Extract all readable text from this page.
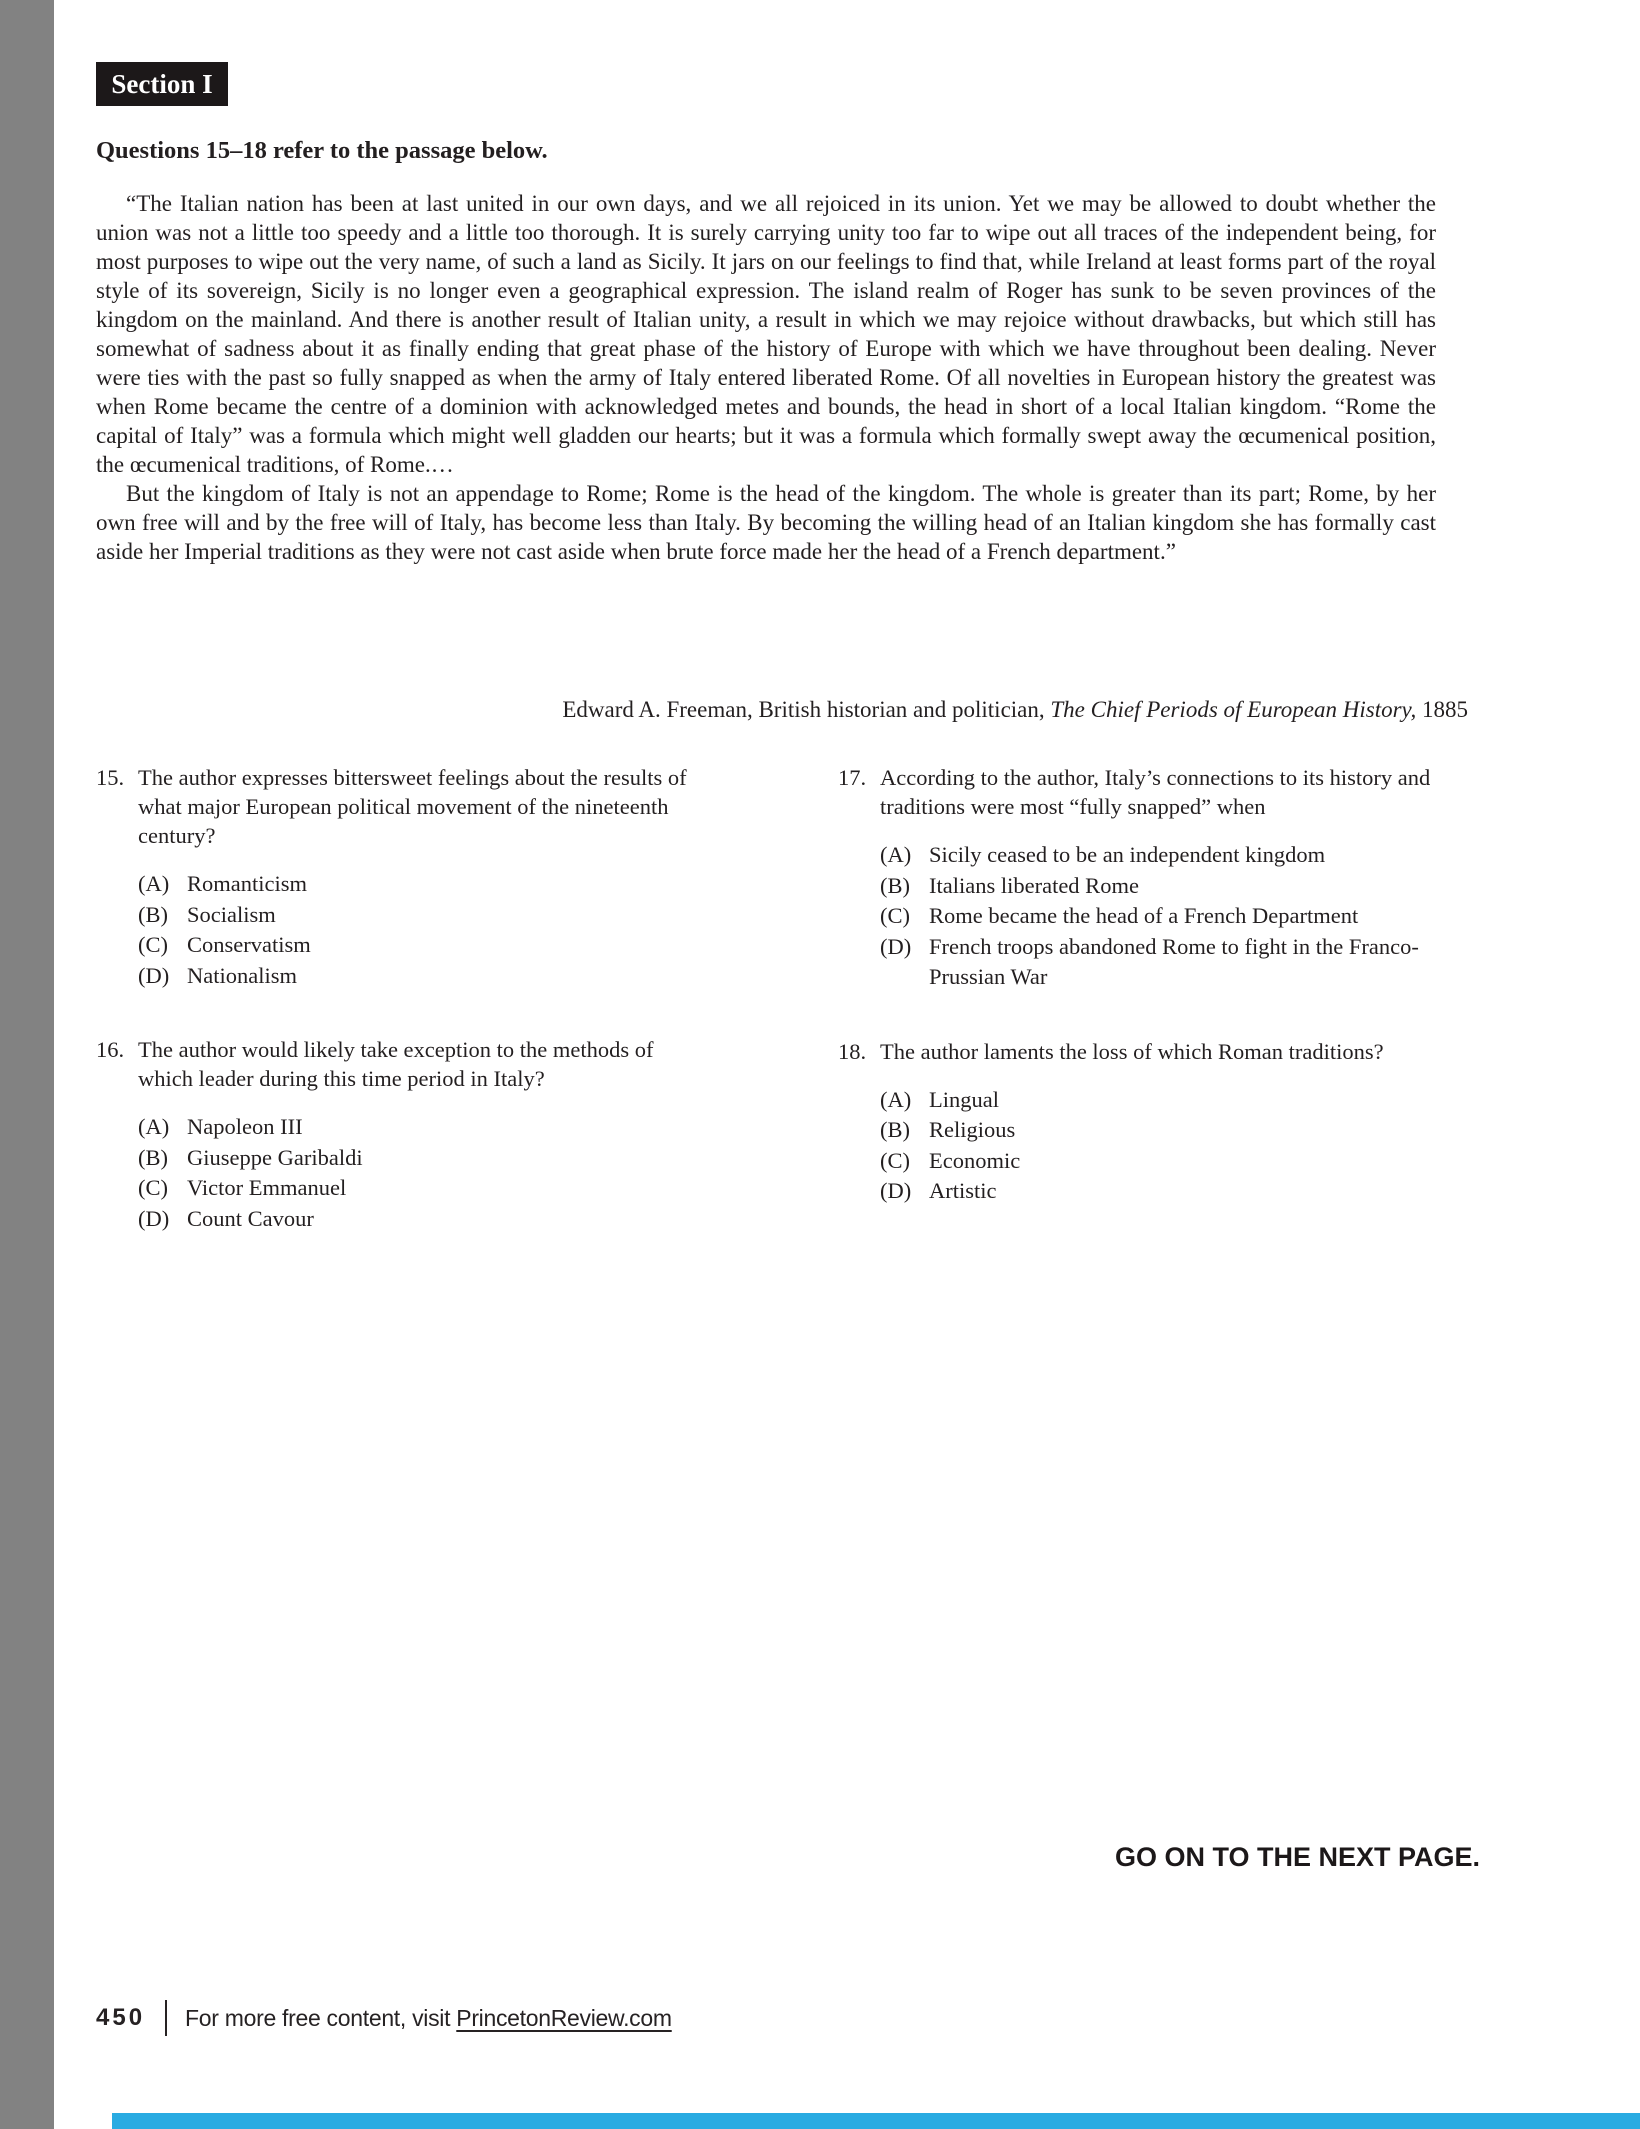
Section I
Questions 15–18 refer to the passage below.

“The Italian nation has been at last united in our own days, and we all rejoiced in its union. Yet we may be allowed to doubt whether the union was not a little too speedy and a little too thorough. It is surely carrying unity too far to wipe out all traces of the independent being, for most purposes to wipe out the very name, of such a land as Sicily. It jars on our feelings to find that, while Ireland at least forms part of the royal style of its sovereign, Sicily is no longer even a geographical expression. The island realm of Roger has sunk to be seven provinces of the kingdom on the mainland. And there is another result of Italian unity, a result in which we may rejoice without drawbacks, but which still has somewhat of sadness about it as finally ending that great phase of the history of Europe with which we have throughout been dealing. Never were ties with the past so fully snapped as when the army of Italy entered liberated Rome. Of all novelties in European history the greatest was when Rome became the centre of a dominion with acknowledged metes and bounds, the head in short of a local Italian kingdom. “Rome the capital of Italy” was a formula which might well gladden our hearts; but it was a formula which formally swept away the œcumenical position, the œcumenical traditions, of Rome.…

But the kingdom of Italy is not an appendage to Rome; Rome is the head of the kingdom. The whole is greater than its part; Rome, by her own free will and by the free will of Italy, has become less than Italy. By becoming the willing head of an Italian kingdom she has formally cast aside her Imperial traditions as they were not cast aside when brute force made her the head of a French department.”

Edward A. Freeman, British historian and politician, The Chief Periods of European History, 1885
15. The author expresses bittersweet feelings about the results of what major European political movement of the nineteenth century?
(A) Romanticism
(B) Socialism
(C) Conservatism
(D) Nationalism
16. The author would likely take exception to the methods of which leader during this time period in Italy?
(A) Napoleon III
(B) Giuseppe Garibaldi
(C) Victor Emmanuel
(D) Count Cavour
17. According to the author, Italy’s connections to its history and traditions were most “fully snapped” when
(A) Sicily ceased to be an independent kingdom
(B) Italians liberated Rome
(C) Rome became the head of a French Department
(D) French troops abandoned Rome to fight in the Franco-Prussian War
18. The author laments the loss of which Roman traditions?
(A) Lingual
(B) Religious
(C) Economic
(D) Artistic
GO ON TO THE NEXT PAGE.
450 For more free content, visit PrincetonReview.com
